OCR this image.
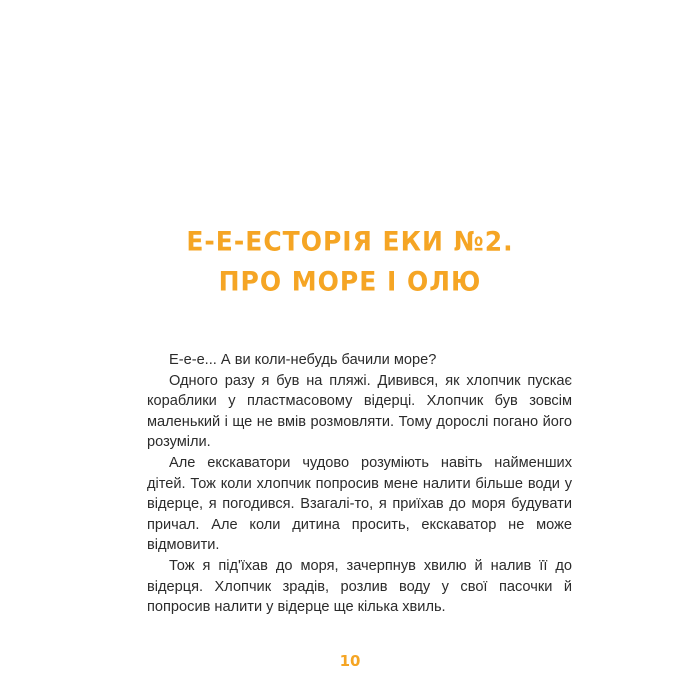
Е-Е-ЕСТОРІЯ ЕКИ №2.
ПРО МОРЕ І ОЛЮ

Е-е-е... А ви коли-небудь бачили море?

Одного разу я був на пляжі. Дивився, як хлопчик пускає кораблики у пластмасовому відерці. Хлопчик був зовсім маленький і ще не вмів розмовляти. Тому дорослі погано його розуміли.

Але екскаватори чудово розуміють навіть найменших дітей. Тож коли хлопчик попросив мене налити більше води у відерце, я погодився. Взагалі-то, я приїхав до моря будувати причал. Але коли дитина просить, екскаватор не може відмовити.

Тож я під'їхав до моря, зачерпнув хвилю й налив її до відерця. Хлопчик зрадів, розлив воду у свої пасочки й попросив налити у відерце ще кілька хвиль.

10
